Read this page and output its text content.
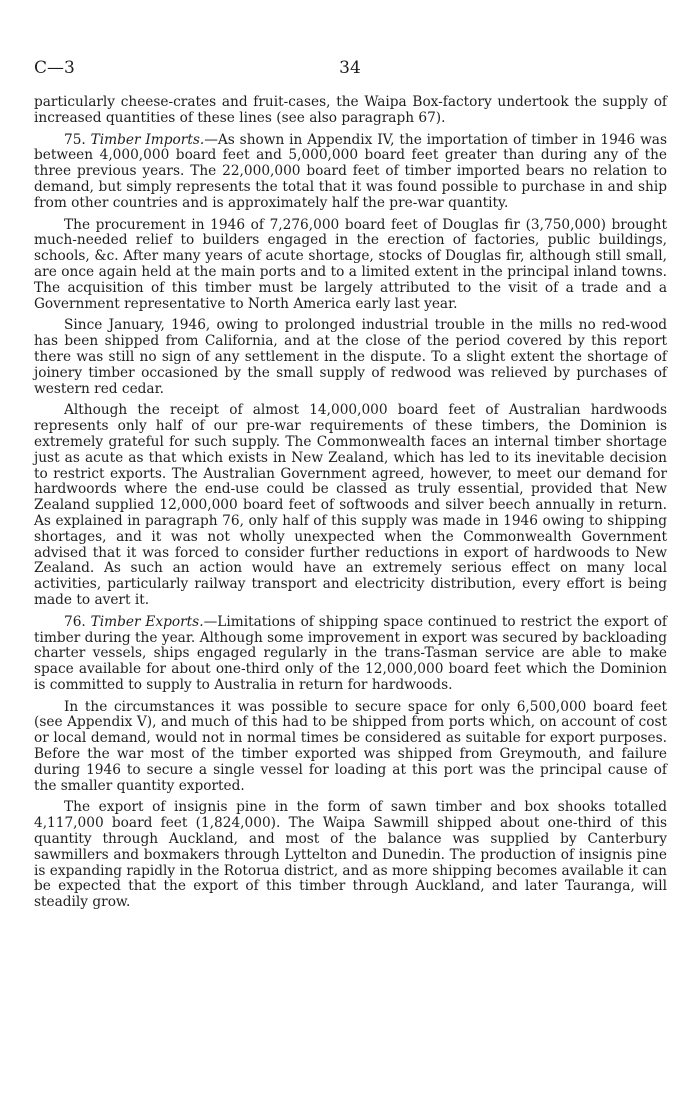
C—3	34

particularly cheese-crates and fruit-cases, the Waipa Box-factory undertook the supply of increased quantities of these lines (see also paragraph 67).

75. Timber Imports.—As shown in Appendix IV, the importation of timber in 1946 was between 4,000,000 board feet and 5,000,000 board feet greater than during any of the three previous years. The 22,000,000 board feet of timber imported bears no relation to demand, but simply represents the total that it was found possible to purchase in and ship from other countries and is approximately half the pre-war quantity.

The procurement in 1946 of 7,276,000 board feet of Douglas fir (3,750,000) brought much-needed relief to builders engaged in the erection of factories, public buildings, schools, &c. After many years of acute shortage, stocks of Douglas fir, although still small, are once again held at the main ports and to a limited extent in the principal inland towns. The acquisition of this timber must be largely attributed to the visit of a trade and a Government representative to North America early last year.

Since January, 1946, owing to prolonged industrial trouble in the mills no red-wood has been shipped from California, and at the close of the period covered by this report there was still no sign of any settlement in the dispute. To a slight extent the shortage of joinery timber occasioned by the small supply of redwood was relieved by purchases of western red cedar.

Although the receipt of almost 14,000,000 board feet of Australian hardwoods represents only half of our pre-war requirements of these timbers, the Dominion is extremely grateful for such supply. The Commonwealth faces an internal timber shortage just as acute as that which exists in New Zealand, which has led to its inevitable decision to restrict exports. The Australian Government agreed, however, to meet our demand for hardwoords where the end-use could be classed as truly essential, provided that New Zealand supplied 12,000,000 board feet of softwoods and silver beech annually in return. As explained in paragraph 76, only half of this supply was made in 1946 owing to shipping shortages, and it was not wholly unexpected when the Commonwealth Government advised that it was forced to consider further reductions in export of hardwoods to New Zealand. As such an action would have an extremely serious effect on many local activities, particularly railway transport and electricity distribution, every effort is being made to avert it.

76. Timber Exports.—Limitations of shipping space continued to restrict the export of timber during the year. Although some improvement in export was secured by backloading charter vessels, ships engaged regularly in the trans-Tasman service are able to make space available for about one-third only of the 12,000,000 board feet which the Dominion is committed to supply to Australia in return for hardwoods.

In the circumstances it was possible to secure space for only 6,500,000 board feet (see Appendix V), and much of this had to be shipped from ports which, on account of cost or local demand, would not in normal times be considered as suitable for export purposes. Before the war most of the timber exported was shipped from Greymouth, and failure during 1946 to secure a single vessel for loading at this port was the principal cause of the smaller quantity exported.

The export of insignis pine in the form of sawn timber and box shooks totalled 4,117,000 board feet (1,824,000). The Waipa Sawmill shipped about one-third of this quantity through Auckland, and most of the balance was supplied by Canterbury sawmillers and boxmakers through Lyttelton and Dunedin. The production of insignis pine is expanding rapidly in the Rotorua district, and as more shipping becomes available it can be expected that the export of this timber through Auckland, and later Tauranga, will steadily grow.
